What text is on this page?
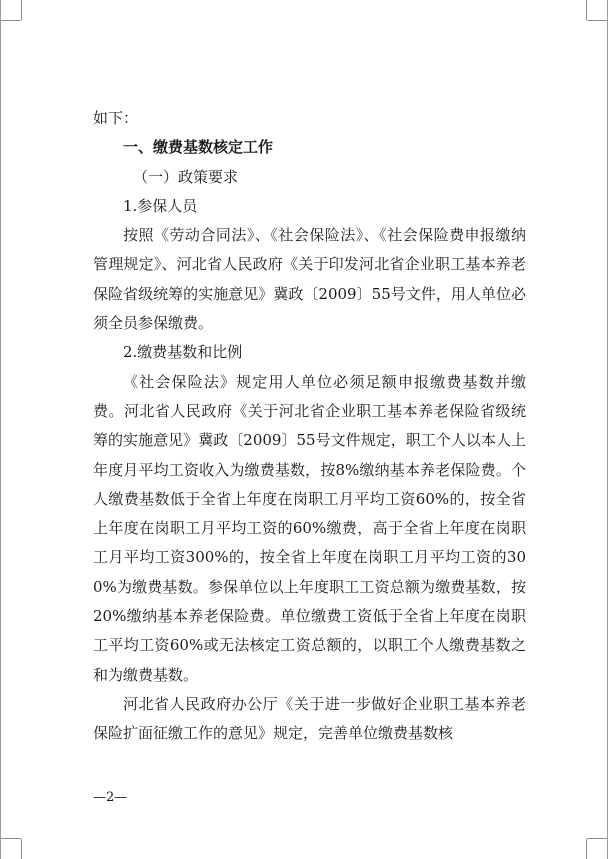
如下：

一、缴费基数核定工作

（一）政策要求

1.参保人员

按照《劳动合同法》、《社会保险法》、《社会保险费申报缴纳管理规定》、河北省人民政府《关于印发河北省企业职工基本养老保险省级统筹的实施意见》冀政〔2009〕55号文件，用人单位必须全员参保缴费。

2.缴费基数和比例

《社会保险法》规定用人单位必须足额申报缴费基数并缴费。河北省人民政府《关于河北省企业职工基本养老保险省级统筹的实施意见》冀政〔2009〕55号文件规定，职工个人以本人上年度月平均工资收入为缴费基数，按8%缴纳基本养老保险费。个人缴费基数低于全省上年度在岗职工月平均工资60%的，按全省上年度在岗职工月平均工资的60%缴费，高于全省上年度在岗职工月平均工资300%的，按全省上年度在岗职工月平均工资的300%为缴费基数。参保单位以上年度职工工资总额为缴费基数，按20%缴纳基本养老保险费。单位缴费工资低于全省上年度在岗职工平均工资60%或无法核定工资总额的，以职工个人缴费基数之和为缴费基数。

河北省人民政府办公厅《关于进一步做好企业职工基本养老保险扩面征缴工作的意见》规定，完善单位缴费基数核

—2—
